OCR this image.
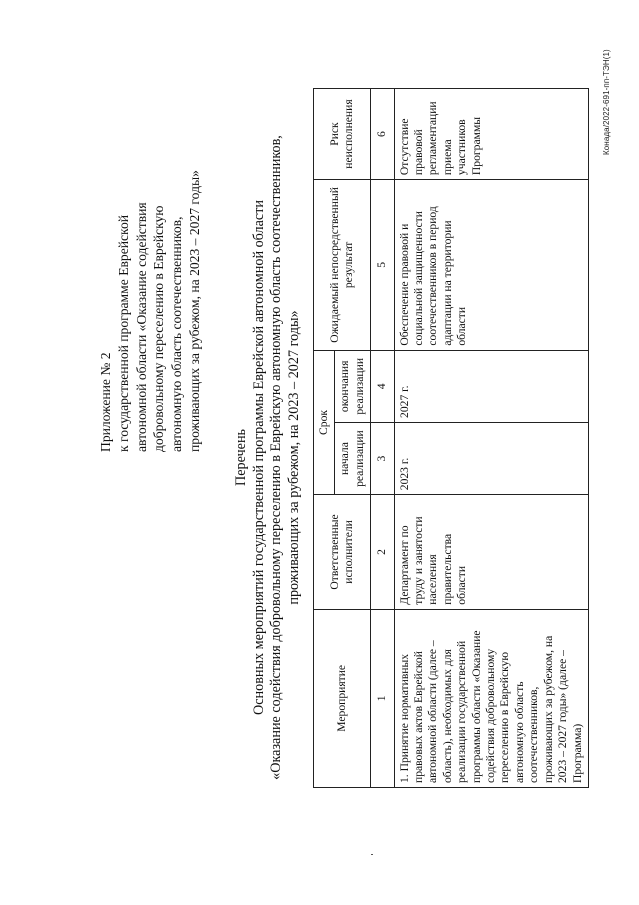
Приложение № 2 к государственной программе Еврейской автономной области «Оказание содействия добровольному переселению в Еврейскую автономную область соотечественников, проживающих за рубежом, на 2023 – 2027 годы»
Перечень Основных мероприятий государственной программы Еврейской автономной области «Оказание содействия добровольному переселению в Еврейскую автономную область соотечественников, проживающих за рубежом, на 2023 – 2027 годы»
Мероприятие	Ответственные исполнители	Срок		Ожидаемый непосредственный результат	Риск неисполнения
		начала реализации	окончания реализации		
1	2	3	4	5	6
1. Принятие нормативных правовых актов Еврейской автономной области (далее – область), необходимых для реализации государственной программы области «Оказание содействия добровольному переселению в Еврейскую автономную область соотечественников, проживающих за рубежом, на 2023 – 2027 годы» (далее – Программа)	Департамент по труду и занятости населения правительства области	2023 г.	2027 г.	Обеспечение правовой и социальной защищенности соотечественников в период адаптации на территории области	Отсутствие правовой регламентации приема участников Программы	Конада/2022-691-пп-ТЭН(1)
